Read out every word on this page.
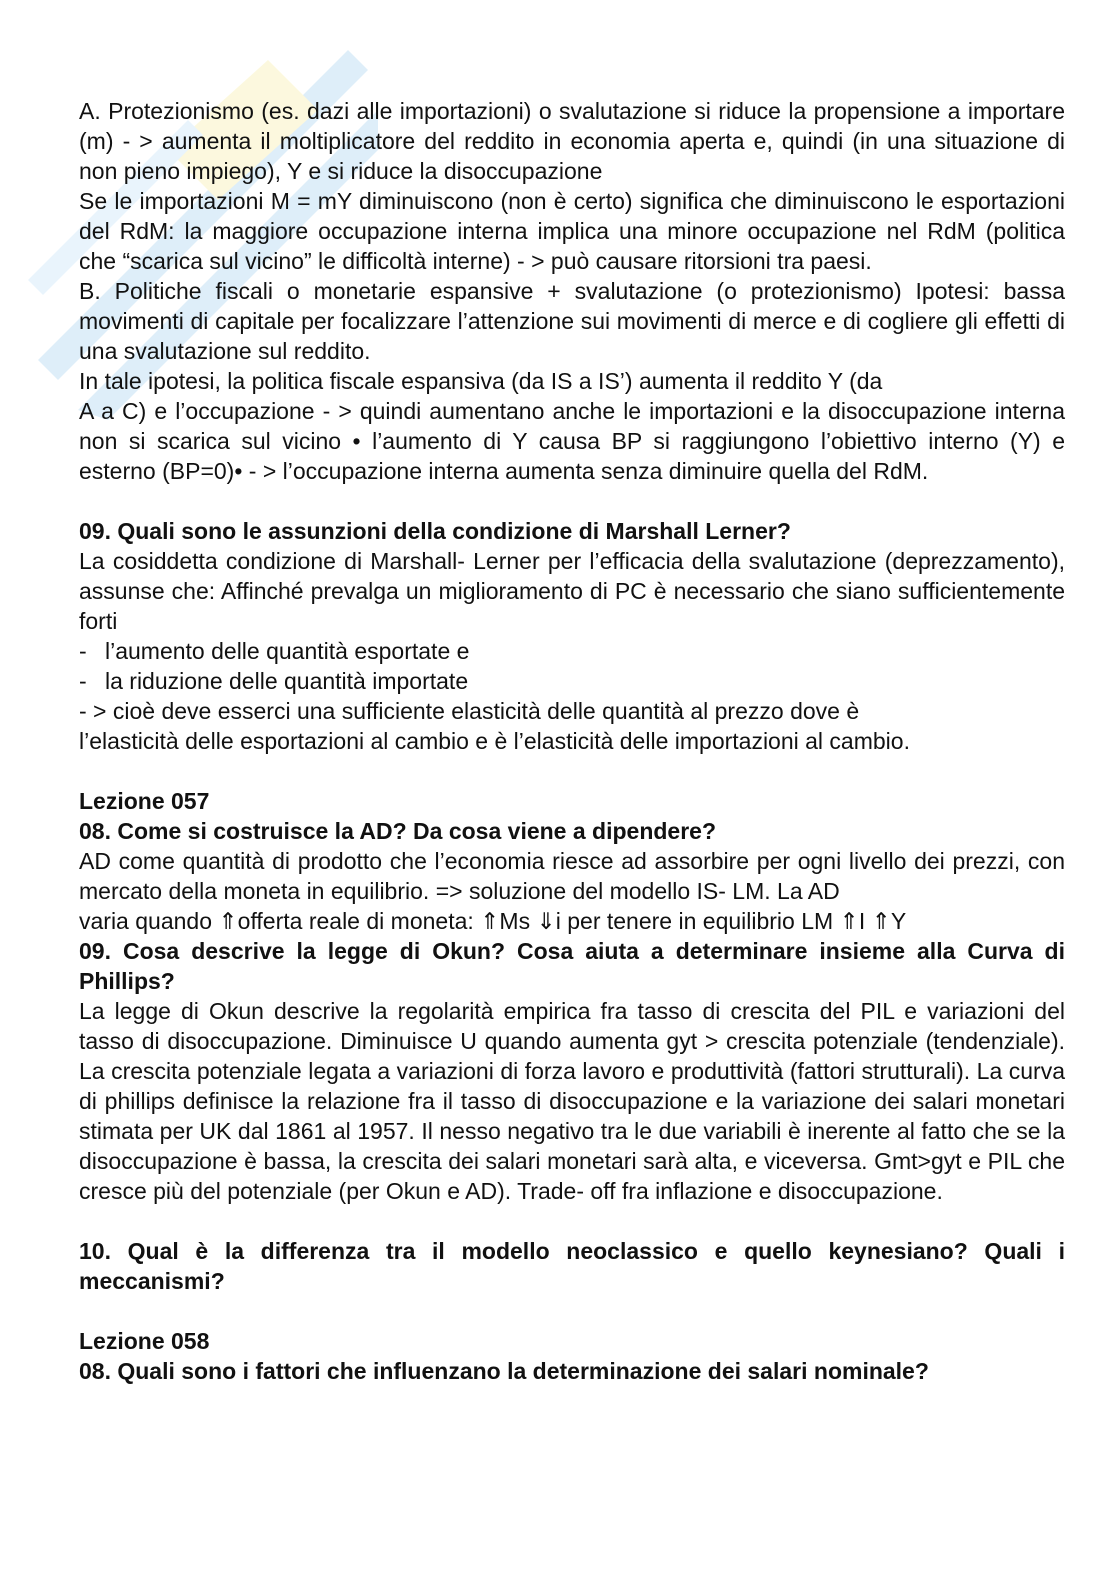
A. Protezionismo (es. dazi alle importazioni) o svalutazione si riduce la propensione a importare (m) - > aumenta il moltiplicatore del reddito in economia aperta e, quindi (in una situazione di non pieno impiego), Y e si riduce la disoccupazione

Se le importazioni M = mY diminuiscono (non è certo) significa che diminuiscono le esportazioni del RdM: la maggiore occupazione interna implica una minore occupazione nel RdM (politica che “scarica sul vicino” le difficoltà interne) - > può causare ritorsioni tra paesi.

B. Politiche fiscali o monetarie espansive + svalutazione (o protezionismo) Ipotesi: bassa movimenti di capitale per focalizzare l’attenzione sui movimenti di merce e di cogliere gli effetti di una svalutazione sul reddito.

In tale ipotesi, la politica fiscale espansiva (da IS a IS’) aumenta il reddito Y (da

A a C) e l’occupazione - > quindi aumentano anche le importazioni e la disoccupazione interna non si scarica sul vicino • l’aumento di Y causa BP si raggiungono l’obiettivo interno (Y) e esterno (BP=0)• - > l’occupazione interna aumenta senza diminuire quella del RdM.

09. Quali sono le assunzioni della condizione di Marshall Lerner?

La cosiddetta condizione di Marshall- Lerner per l’efficacia della svalutazione (deprezzamento), assunse che: Affinché prevalga un miglioramento di PC è necessario che siano sufficientemente forti

- l’aumento delle quantità esportate e
- la riduzione delle quantità importate

- > cioè deve esserci una sufficiente elasticità delle quantità al prezzo dove è

l’elasticità delle esportazioni al cambio e è l’elasticità delle importazioni al cambio.

Lezione 057

08. Come si costruisce la AD? Da cosa viene a dipendere?

AD come quantità di prodotto che l’economia riesce ad assorbire per ogni livello dei prezzi, con mercato della moneta in equilibrio. => soluzione del modello IS- LM. La AD

varia quando ⇑offerta reale di moneta: ⇑Ms ⇓i per tenere in equilibrio LM ⇑I ⇑Y

09. Cosa descrive la legge di Okun? Cosa aiuta a determinare insieme alla Curva di Phillips?

La legge di Okun descrive la regolarità empirica fra tasso di crescita del PIL e variazioni del tasso di disoccupazione. Diminuisce U quando aumenta gyt > crescita potenziale (tendenziale). La crescita potenziale legata a variazioni di forza lavoro e produttività (fattori strutturali). La curva di phillips definisce la relazione fra il tasso di disoccupazione e la variazione dei salari monetari stimata per UK dal 1861 al 1957. Il nesso negativo tra le due variabili è inerente al fatto che se la disoccupazione è bassa, la crescita dei salari monetari sarà alta, e viceversa. Gmt>gyt e PIL che cresce più del potenziale (per Okun e AD). Trade- off fra inflazione e disoccupazione.

10. Qual è la differenza tra il modello neoclassico e quello keynesiano? Quali i meccanismi?

Lezione 058

08. Quali sono i fattori che influenzano la determinazione dei salari nominale?
